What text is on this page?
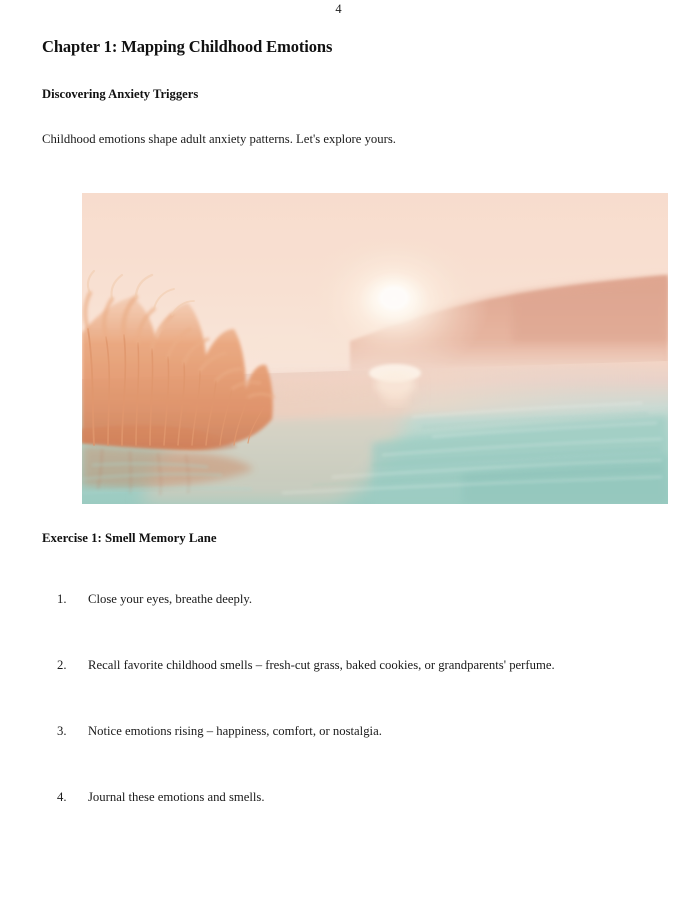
4
Chapter 1: Mapping Childhood Emotions
Discovering Anxiety Triggers

Childhood emotions shape adult anxiety patterns. Let's explore yours.

Exercise 1: Smell Memory Lane
1.	Close your eyes, breathe deeply.
2.	Recall favorite childhood smells – fresh-cut grass, baked cookies, or grandparents' perfume.
3.	Notice emotions rising – happiness, comfort, or nostalgia.
4.	Journal these emotions and smells.
